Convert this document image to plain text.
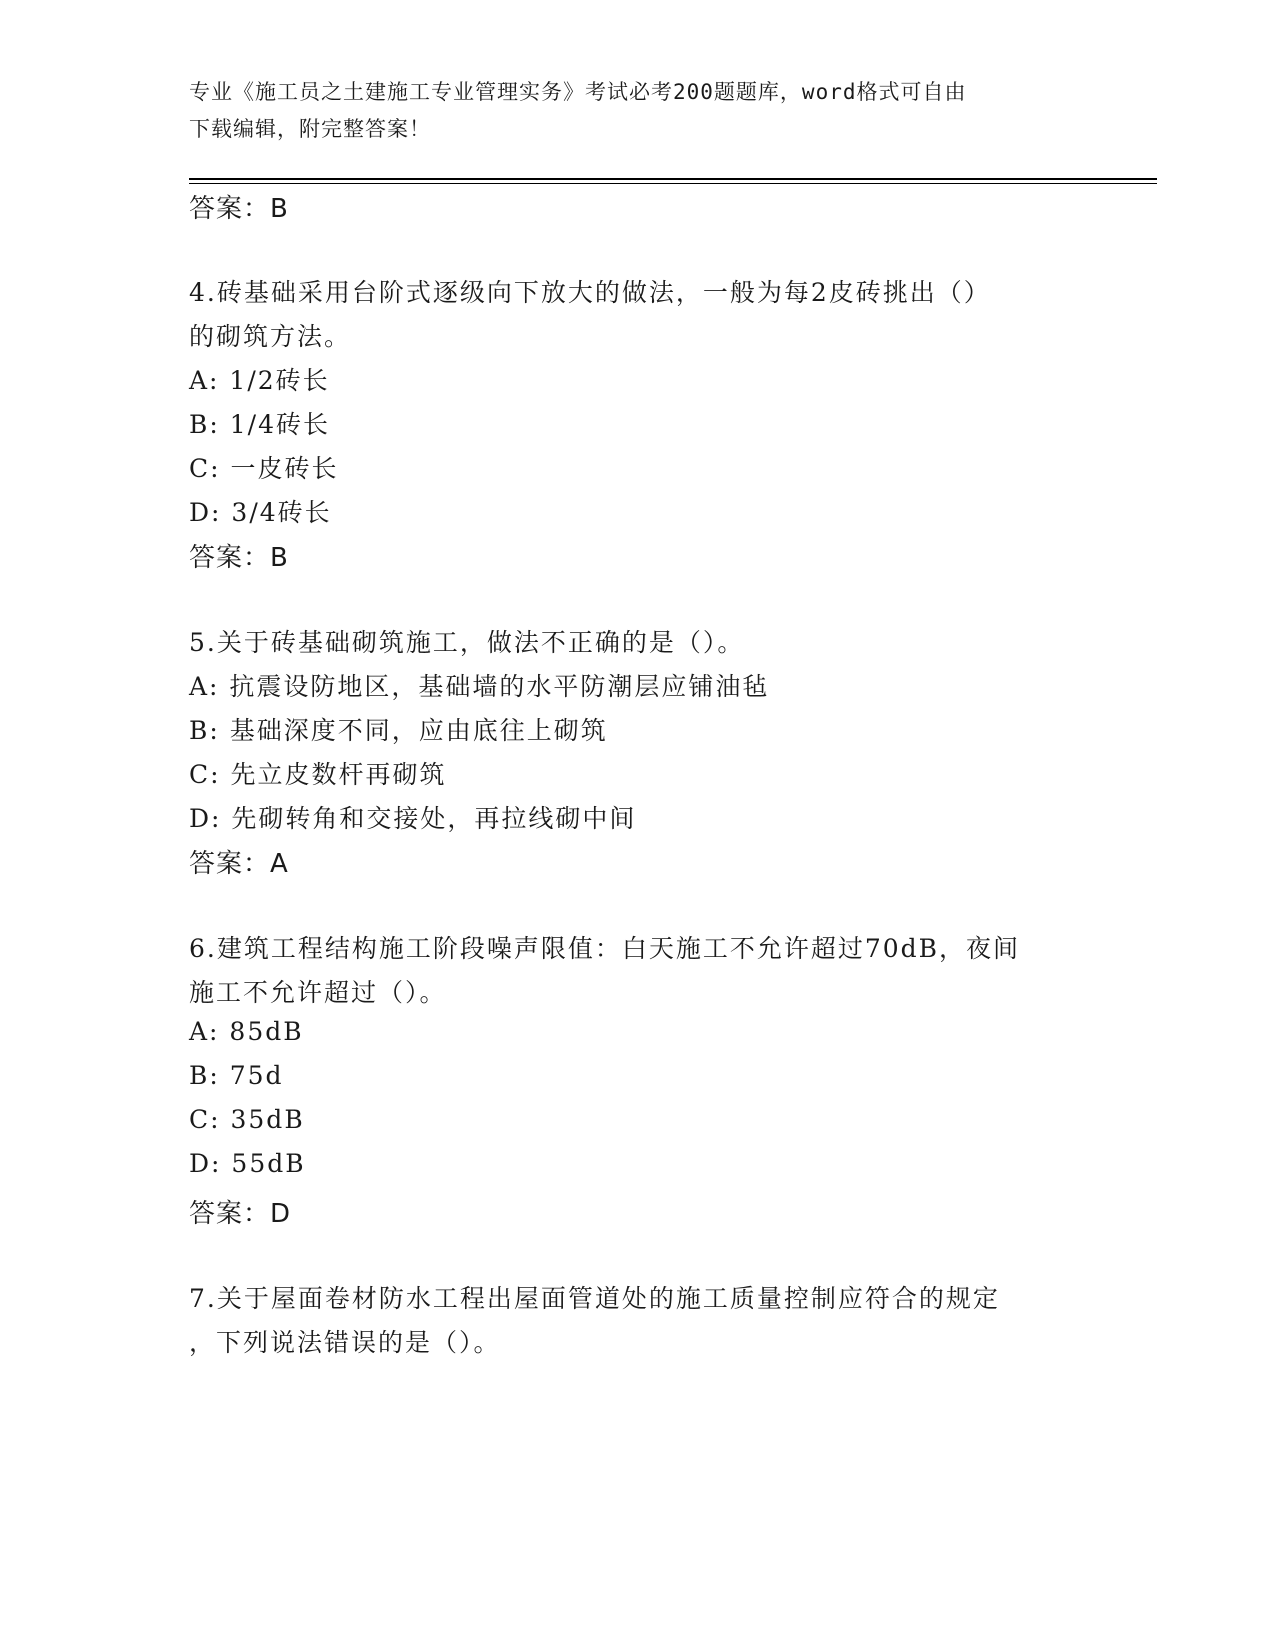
专业《施工员之土建施工专业管理实务》考试必考200题题库，word格式可自由
下载编辑，附完整答案！
答案：B
4.砖基础采用台阶式逐级向下放大的做法，一般为每2皮砖挑出（）
的砌筑方法。
A: 1/2砖长
B: 1/4砖长
C: 一皮砖长
D: 3/4砖长
答案：B
5.关于砖基础砌筑施工，做法不正确的是（）。
A: 抗震设防地区，基础墙的水平防潮层应铺油毡
B: 基础深度不同，应由底往上砌筑
C: 先立皮数杆再砌筑
D: 先砌转角和交接处，再拉线砌中间
答案：A
6.建筑工程结构施工阶段噪声限值：白天施工不允许超过70dB，夜间
施工不允许超过（）。
A: 85dB
B: 75d
C: 35dB
D: 55dB
答案：D
7.关于屋面卷材防水工程出屋面管道处的施工质量控制应符合的规定
，下列说法错误的是（）。
